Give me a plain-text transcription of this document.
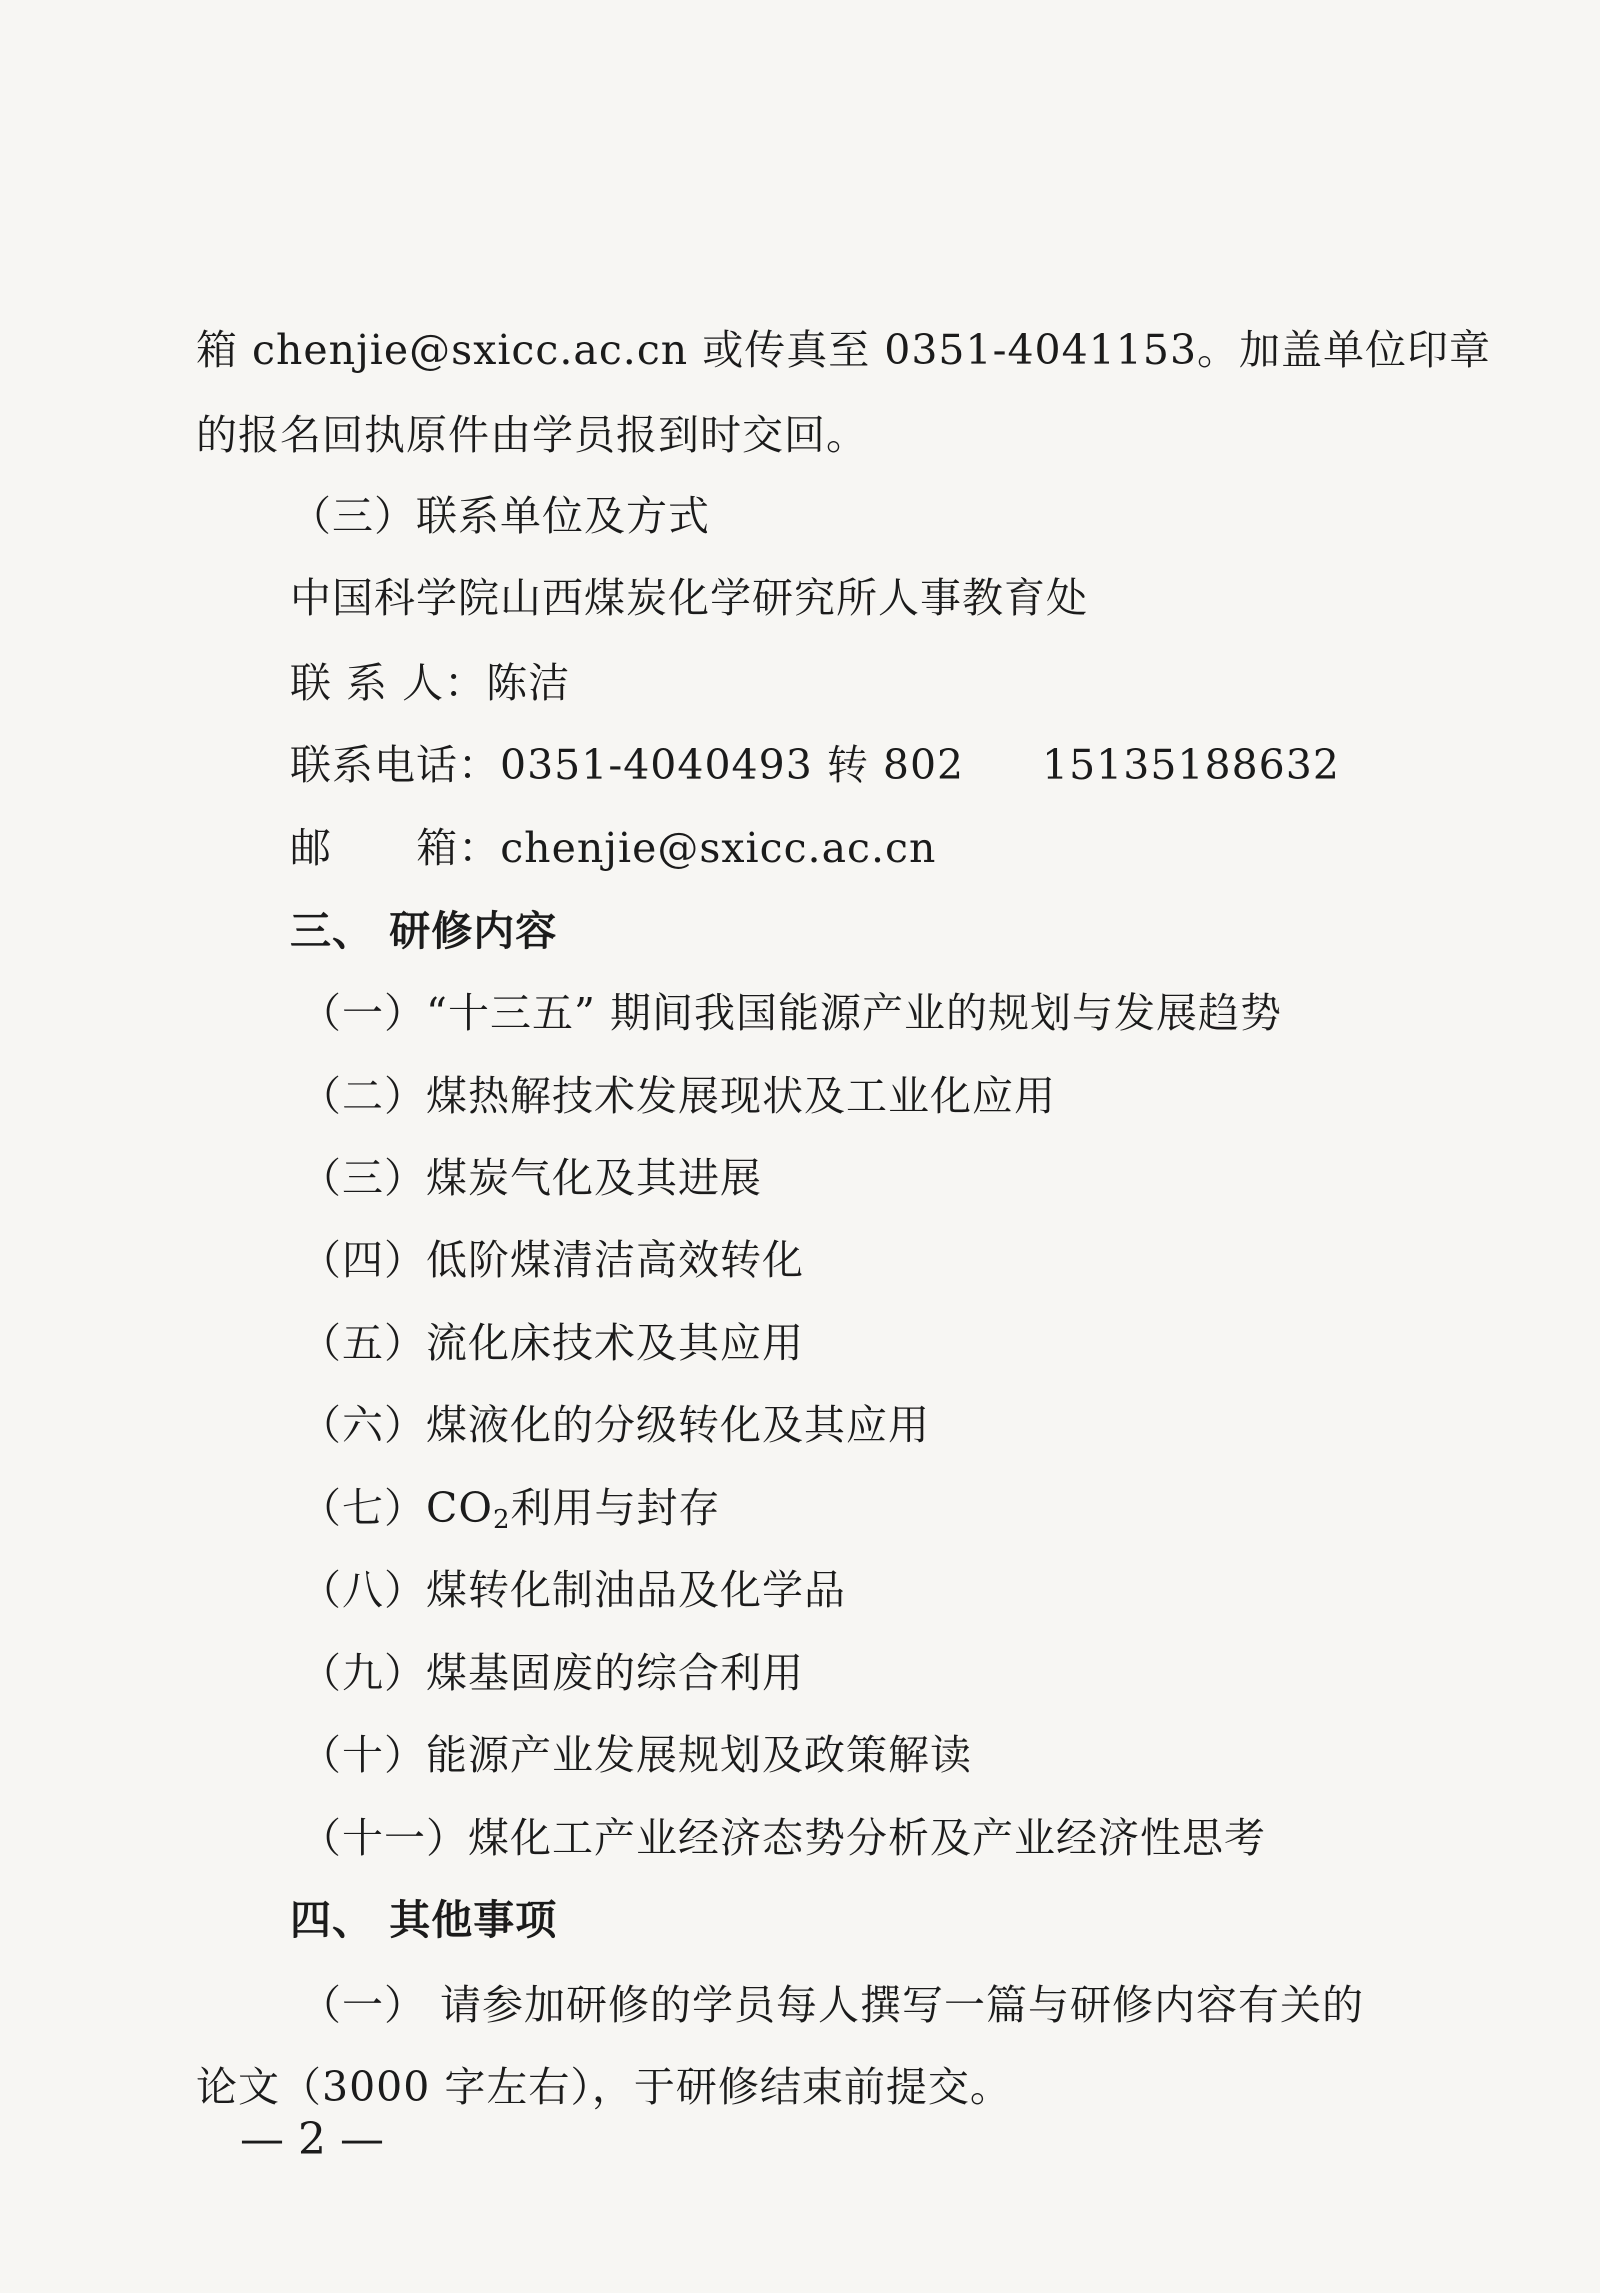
箱 chenjie@sxicc.ac.cn 或传真至 0351-4041153。加盖单位印章
的报名回执原件由学员报到时交回。
（三）联系单位及方式
中国科学院山西煤炭化学研究所人事教育处
联 系 人：陈洁
联系电话：0351-4040493 转 802 15135188632
邮      箱：chenjie@sxicc.ac.cn
三、 研修内容
（一）“十三五” 期间我国能源产业的规划与发展趋势
（二）煤热解技术发展现状及工业化应用
（三）煤炭气化及其进展
（四）低阶煤清洁高效转化
（五）流化床技术及其应用
（六）煤液化的分级转化及其应用
（七）$CO_2$利用与封存
（八）煤转化制油品及化学品
（九）煤基固废的综合利用
（十）能源产业发展规划及政策解读
（十一）煤化工产业经济态势分析及产业经济性思考
四、 其他事项
（一） 请参加研修的学员每人撰写一篇与研修内容有关的
论文（3000 字左右），于研修结束前提交。
— 2 —
